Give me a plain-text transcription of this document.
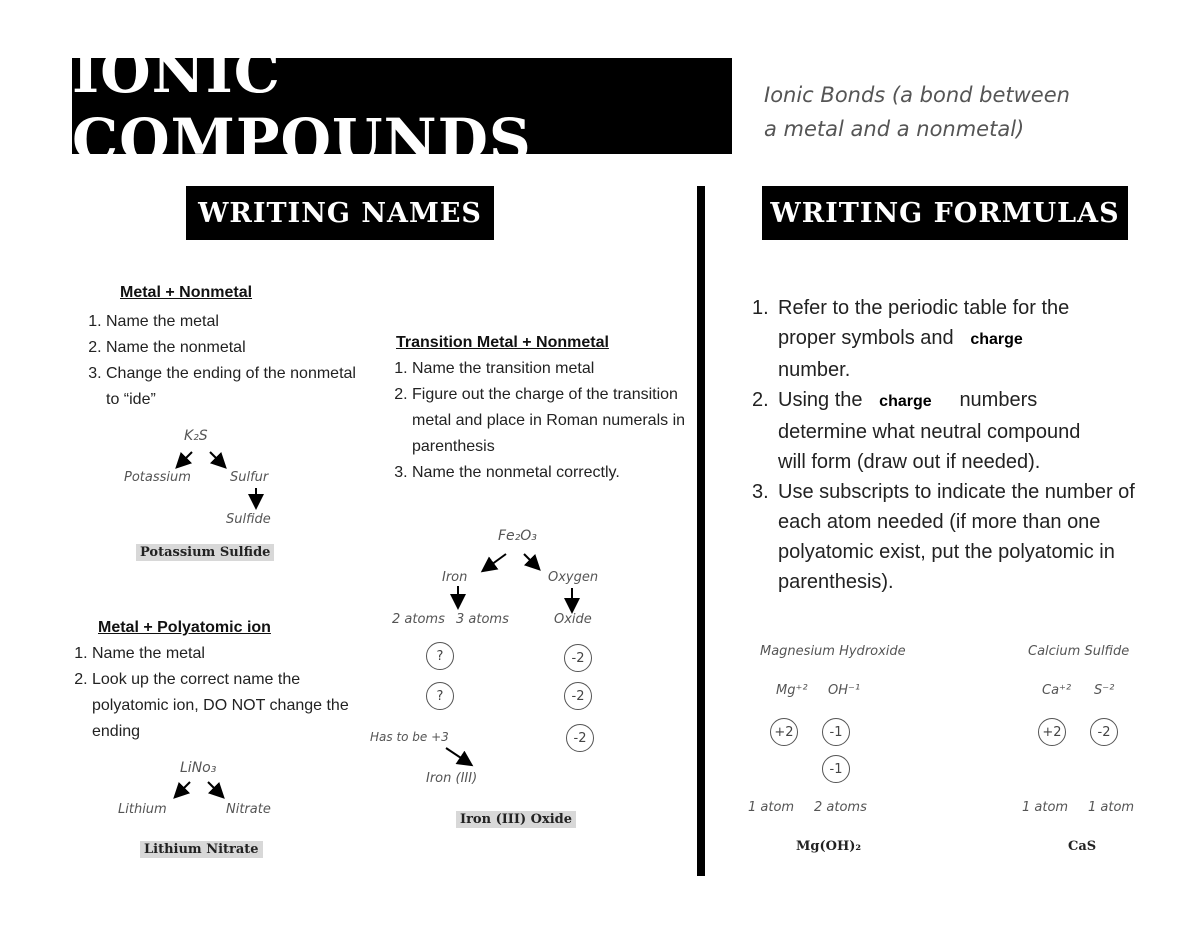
IONIC COMPOUNDS
Ionic Bonds (a bond between
a metal and a nonmetal)
WRITING NAMES	WRITING FORMULAS
Metal + Nonmetal
1. Name the metal
2. Name the nonmetal
3. Change the ending of the nonmetal to “ide”
K₂S
Potassium	Sulfur
Sulfide
Potassium Sulfide
Metal + Polyatomic ion
1. Name the metal
2. Look up the correct name the polyatomic ion, DO NOT change the ending
LiNo₃
Lithium	Nitrate
Lithium Nitrate
Transition Metal + Nonmetal
1. Name the transition metal
2. Figure out the charge of the transition metal and place in Roman numerals in parenthesis
3. Name the nonmetal correctly.
Fe₂O₃
Iron	Oxygen
2 atoms 3 atoms	Oxide
?
?
-2
-2
-2
Has to be +3
Iron (III)
Iron (III) Oxide
1. Refer to the periodic table for the
proper symbols and charge
number.
2. Using the charge numbers
determine what neutral compound
will form (draw out if needed).
3. Use subscripts to indicate the number of each atom needed (if more than one polyatomic exist, put the polyatomic in parenthesis).
Magnesium Hydroxide
Mg⁺² OH⁻¹
+2	-1
-1
1 atom 2 atoms
Mg(OH)₂
Calcium Sulfide
Ca⁺² S⁻²
+2	-2
1 atom 1 atom
CaS
